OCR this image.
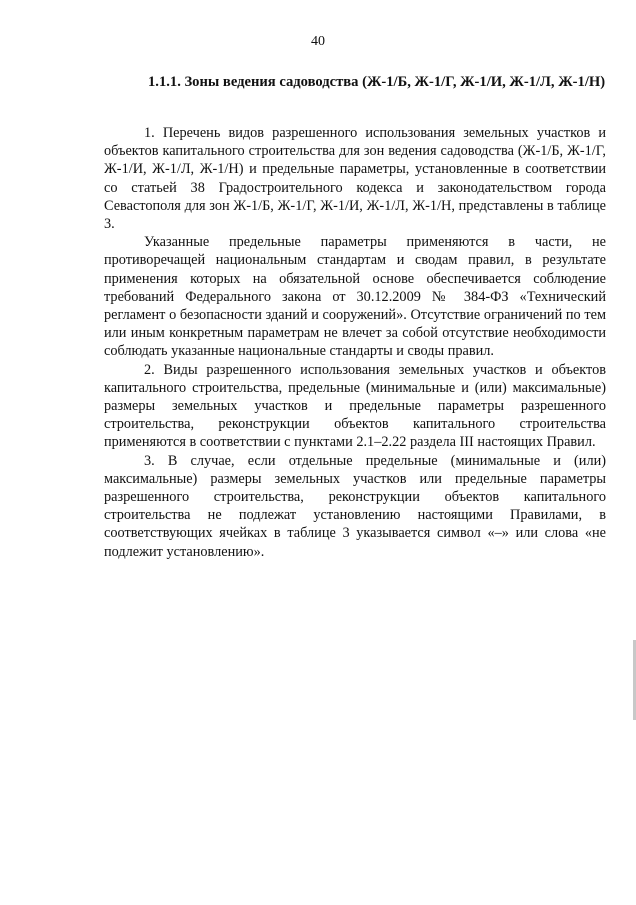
40
1.1.1. Зоны ведения садоводства (Ж-1/Б, Ж-1/Г, Ж-1/И, Ж-1/Л, Ж-1/Н)

1. Перечень видов разрешенного использования земельных участков и объектов капитального строительства для зон ведения садоводства (Ж-1/Б, Ж-1/Г, Ж-1/И, Ж-1/Л, Ж-1/Н) и предельные параметры, установленные в соответствии со статьей 38 Градостроительного кодекса и законодательством города Севастополя для зон Ж-1/Б, Ж-1/Г, Ж-1/И, Ж-1/Л, Ж-1/Н, представлены в таблице 3.

Указанные предельные параметры применяются в части, не противоречащей национальным стандартам и сводам правил, в результате применения которых на обязательной основе обеспечивается соблюдение требований Федерального закона от 30.12.2009 № 384-ФЗ «Технический регламент о безопасности зданий и сооружений». Отсутствие ограничений по тем или иным конкретным параметрам не влечет за собой отсутствие необходимости соблюдать указанные национальные стандарты и своды правил.

2. Виды разрешенного использования земельных участков и объектов капитального строительства, предельные (минимальные и (или) максимальные) размеры земельных участков и предельные параметры разрешенного строительства, реконструкции объектов капитального строительства применяются в соответствии с пунктами 2.1–2.22 раздела III настоящих Правил.

3. В случае, если отдельные предельные (минимальные и (или) максимальные) размеры земельных участков или предельные параметры разрешенного строительства, реконструкции объектов капитального строительства не подлежат установлению настоящими Правилами, в соответствующих ячейках в таблице 3 указывается символ «–» или слова «не подлежит установлению».
